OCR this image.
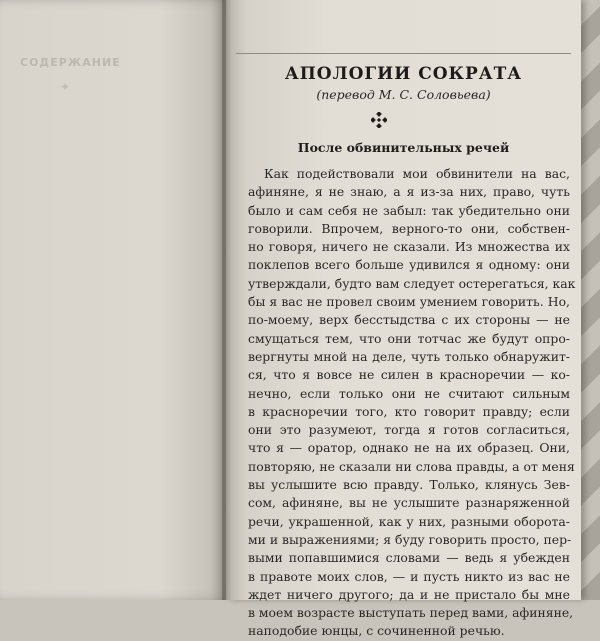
СОДЕРЖАНИЕ
✦
АПОЛОГИИ СОКРАТА
(перевод М. С. Соловьева)
После обвинительных речей
Как подействовали мои обвинители на вас,
афиняне, я не знаю, а я из-за них, право, чуть
было и сам себя не забыл: так убедительно они
говорили. Впрочем, верного-то они, собствен-
но говоря, ничего не сказали. Из множества их
поклепов всего больше удивился я одному: они
утверждали, будто вам следует остерегаться, как
бы я вас не провел своим умением говорить. Но,
по-моему, верх бесстыдства с их стороны — не
смущаться тем, что они тотчас же будут опро-
вергнуты мной на деле, чуть только обнаружит-
ся, что я вовсе не силен в красноречии — ко-
нечно, если только они не считают сильным
в красноречии того, кто говорит правду; если
они это разумеют, тогда я готов согласиться,
что я — оратор, однако не на их образец. Они,
повторяю, не сказали ни слова правды, а от меня
вы услышите всю правду. Только, клянусь Зев-
сом, афиняне, вы не услышите разнаряженной
речи, украшенной, как у них, разными оборота-
ми и выражениями; я буду говорить просто, пер-
выми попавшимися словами — ведь я убежден
в правоте моих слов, — и пусть никто из вас не
ждет ничего другого; да и не пристало бы мне
в моем возрасте выступать перед вами, афиняне,
наподобие юнцы, с сочиненной речью.
